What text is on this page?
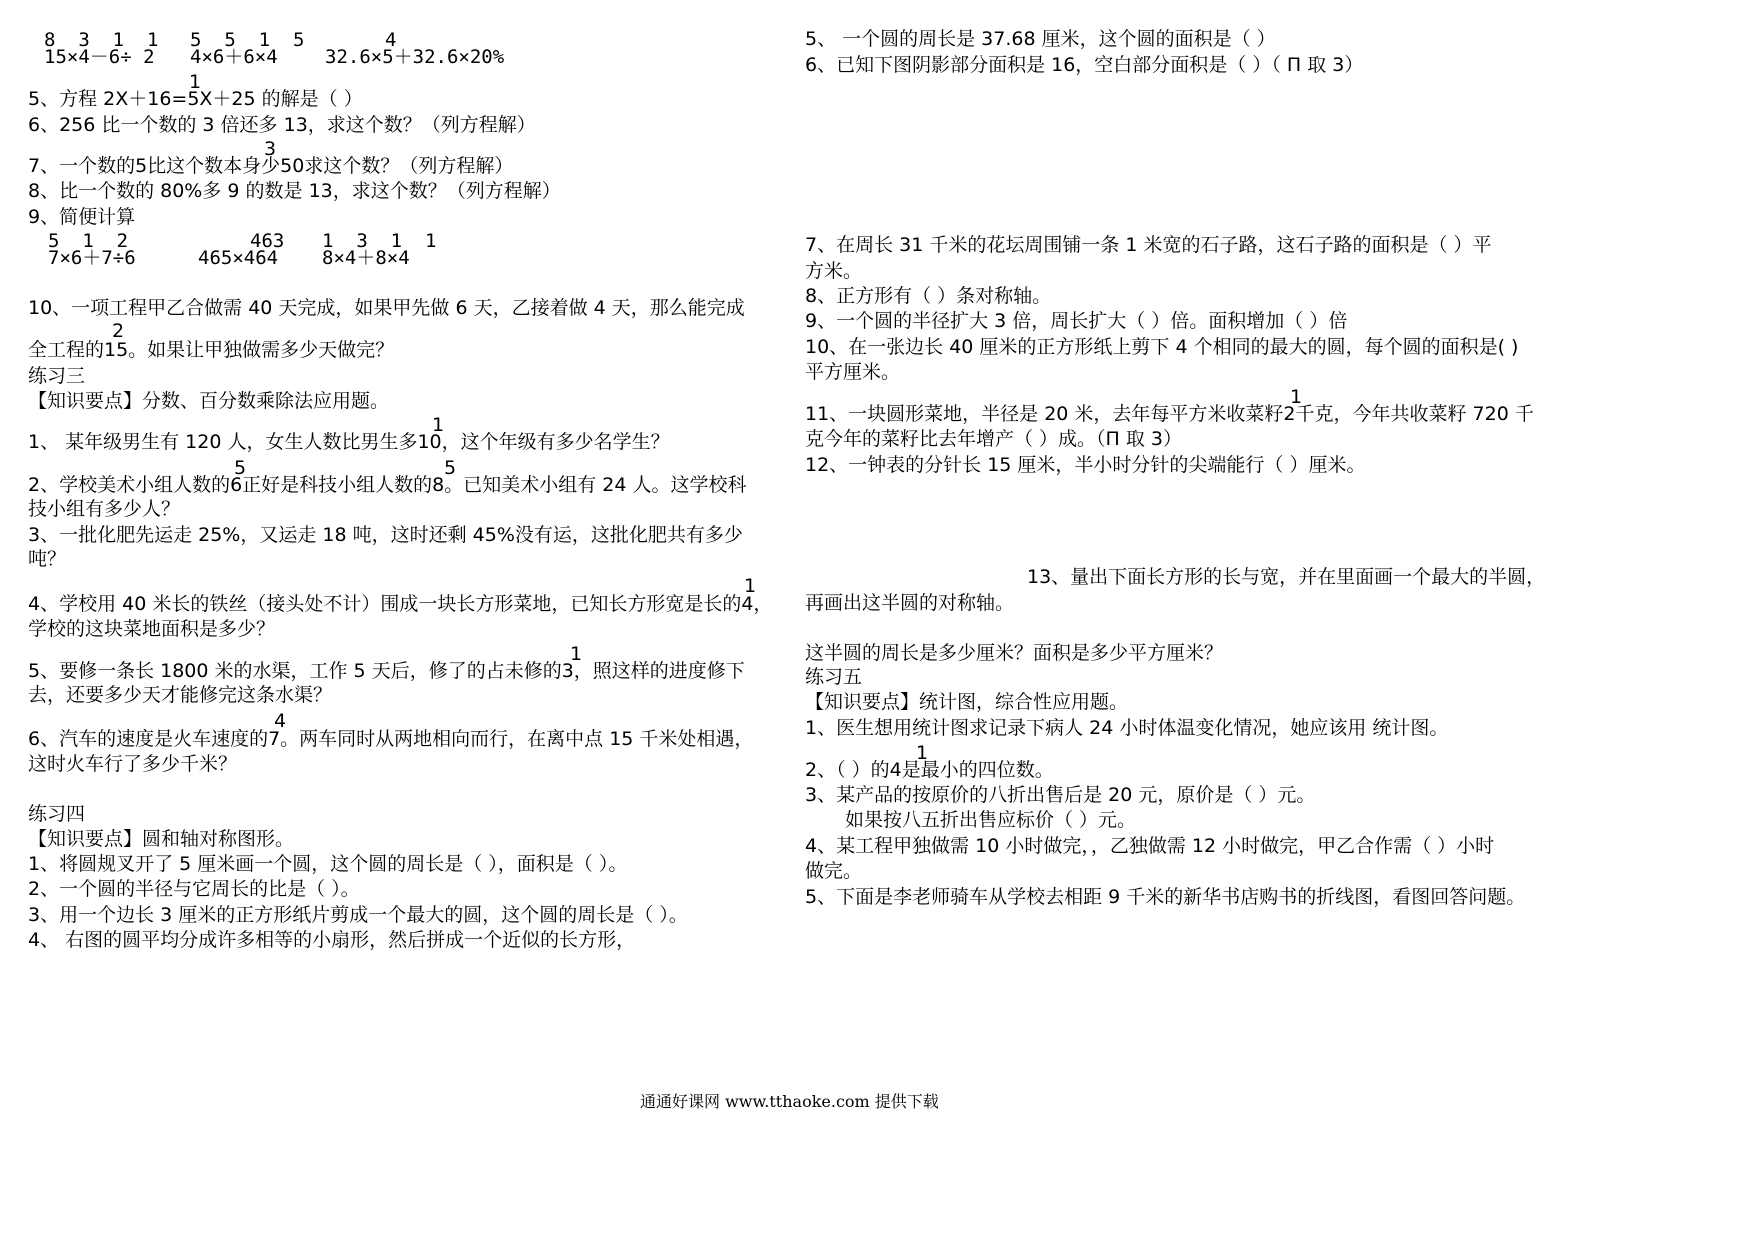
8  3  1  1
15×4－6÷ 2
5  5  1  5
4×6＋6×4
4
32.6×5＋32.6×20%
1
5、方程 2X＋16=5X＋25 的解是（ ）
6、256 比一个数的 3 倍还多 13，求这个数？（列方程解）
3
7、一个数的5比这个数本身少50求这个数？（列方程解）
8、比一个数的 80%多 9 的数是 13，求这个数？（列方程解）
9、简便计算
5  1  2
7×6＋7÷6
463
465×464
1  3  1  1
8×4＋8×4
10、一项工程甲乙合做需 40 天完成，如果甲先做 6 天，乙接着做 4 天，那么能完成
2
全工程的15。如果让甲独做需多少天做完？
练习三
【知识要点】分数、百分数乘除法应用题。
1
1、 某年级男生有 120 人，女生人数比男生多10，这个年级有多少名学生？
5	5
2、学校美术小组人数的6正好是科技小组人数的8。已知美术小组有 24 人。这学校科
技小组有多少人？
3、一批化肥先运走 25%，又运走 18 吨，这时还剩 45%没有运，这批化肥共有多少
吨？
1
4、学校用 40 米长的铁丝（接头处不计）围成一块长方形菜地，已知长方形宽是长的4，
学校的这块菜地面积是多少？
1
5、要修一条长 1800 米的水渠，工作 5 天后，修了的占未修的3，照这样的进度修下
去，还要多少天才能修完这条水渠？
4
6、汽车的速度是火车速度的7。两车同时从两地相向而行，在离中点 15 千米处相遇，
这时火车行了多少千米？
练习四
【知识要点】圆和轴对称图形。
1、将圆规叉开了 5 厘米画一个圆，这个圆的周长是（ ），面积是（ ）。
2、一个圆的半径与它周长的比是（ ）。
3、用一个边长 3 厘米的正方形纸片剪成一个最大的圆，这个圆的周长是（ ）。
4、 右图的圆平均分成许多相等的小扇形，然后拼成一个近似的长方形，
5、 一个圆的周长是 37.68 厘米，这个圆的面积是（ ）
6、已知下图阴影部分面积是 16，空白部分面积是（ ）（ П 取 3）
7、在周长 31 千米的花坛周围铺一条 1 米宽的石子路，这石子路的面积是（ ）平
方米。
8、正方形有（ ）条对称轴。
9、一个圆的半径扩大 3 倍，周长扩大（ ）倍。面积增加（ ）倍
10、在一张边长 40 厘米的正方形纸上剪下 4 个相同的最大的圆，每个圆的面积是( )
平方厘米。
1
11、一块圆形菜地，半径是 20 米，去年每平方米收菜籽2千克，今年共收菜籽 720 千
克今年的菜籽比去年增产（ ）成。（П 取 3）
12、一钟表的分针长 15 厘米，半小时分针的尖端能行（ ）厘米。
13、量出下面长方形的长与宽，并在里面画一个最大的半圆，
再画出这半圆的对称轴。
这半圆的周长是多少厘米？面积是多少平方厘米？
练习五
【知识要点】统计图，综合性应用题。
1、医生想用统计图求记录下病人 24 小时体温变化情况，她应该用 统计图。
1
2、（ ）的4是最小的四位数。
3、某产品的按原价的八折出售后是 20 元，原价是（ ）元。
如果按八五折出售应标价（ ）元。
4、某工程甲独做需 10 小时做完，，乙独做需 12 小时做完，甲乙合作需（ ）小时
做完。
5、下面是李老师骑车从学校去相距 9 千米的新华书店购书的折线图，看图回答问题。
通通好课网 www.tthaoke.com 提供下载
